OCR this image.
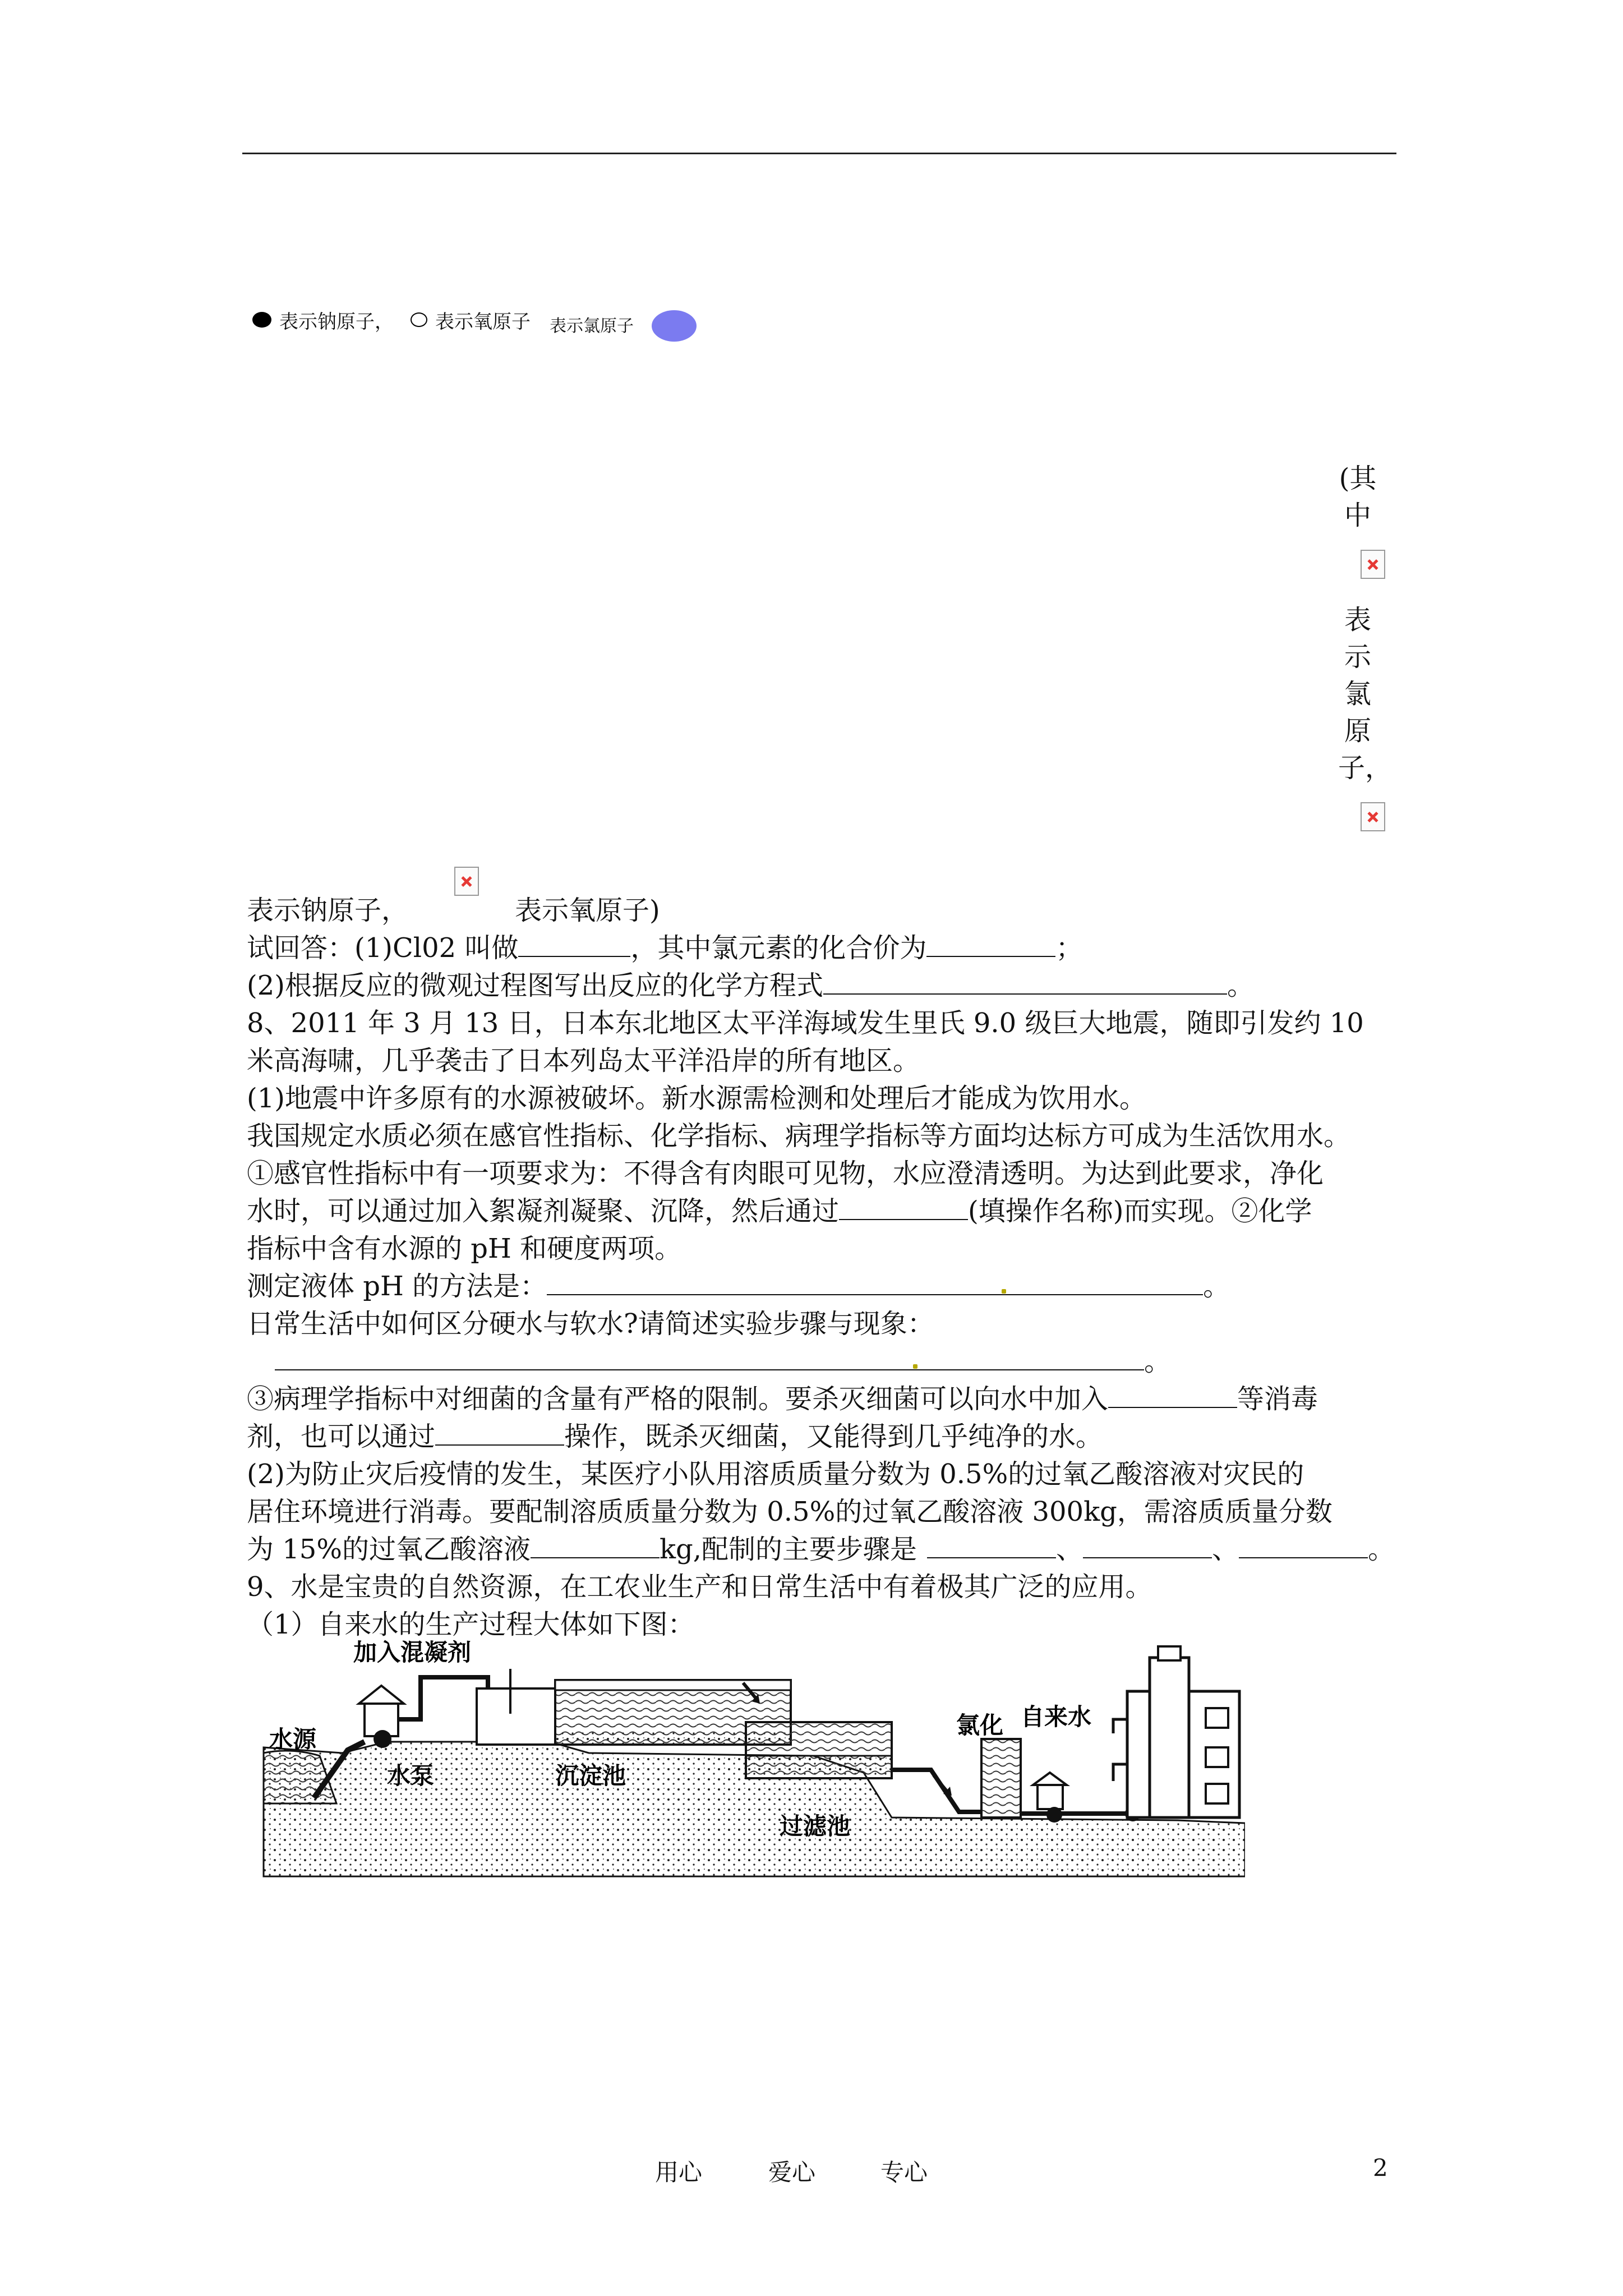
表示钠原子， 表示氧原子 表示氯原子
(其
中
表
示
氯
原
子，
表示钠原子，	表示氧原子)
试回答：(1)Cl02 叫做	，其中氯元素的化合价为	；
(2)根据反应的微观过程图写出反应的化学方程式	。
8、2011 年 3 月 13 日，日本东北地区太平洋海域发生里氏 9.0 级巨大地震，随即引发约 10
米高海啸，几乎袭击了日本列岛太平洋沿岸的所有地区。
(1)地震中许多原有的水源被破坏。新水源需检测和处理后才能成为饮用水。
我国规定水质必须在感官性指标、化学指标、病理学指标等方面均达标方可成为生活饮用水。
①感官性指标中有一项要求为：不得含有肉眼可见物，水应澄清透明。为达到此要求，净化
水时，可以通过加入絮凝剂凝聚、沉降，然后通过	(填操作名称)而实现。②化学
指标中含有水源的 pH 和硬度两项。
测定液体 pH 的方法是：	。
日常生活中如何区分硬水与软水?请简述实验步骤与现象：
。
③病理学指标中对细菌的含量有严格的限制。要杀灭细菌可以向水中加入	等消毒
剂，也可以通过	操作，既杀灭细菌，又能得到几乎纯净的水。
(2)为防止灾后疫情的发生，某医疗小队用溶质质量分数为 0.5%的过氧乙酸溶液对灾民的
居住环境进行消毒。要配制溶质质量分数为 0.5%的过氧乙酸溶液 300kg，需溶质质量分数
为 15%的过氧乙酸溶液	kg,配制的主要步骤是	、	、	。
9、水是宝贵的自然资源，在工农业生产和日常生活中有着极其广泛的应用。
（1）自来水的生产过程大体如下图：
加入混凝剂
水源
水泵	沉淀池
过滤池
氯化 自来水
用心	爱心	专心	2
